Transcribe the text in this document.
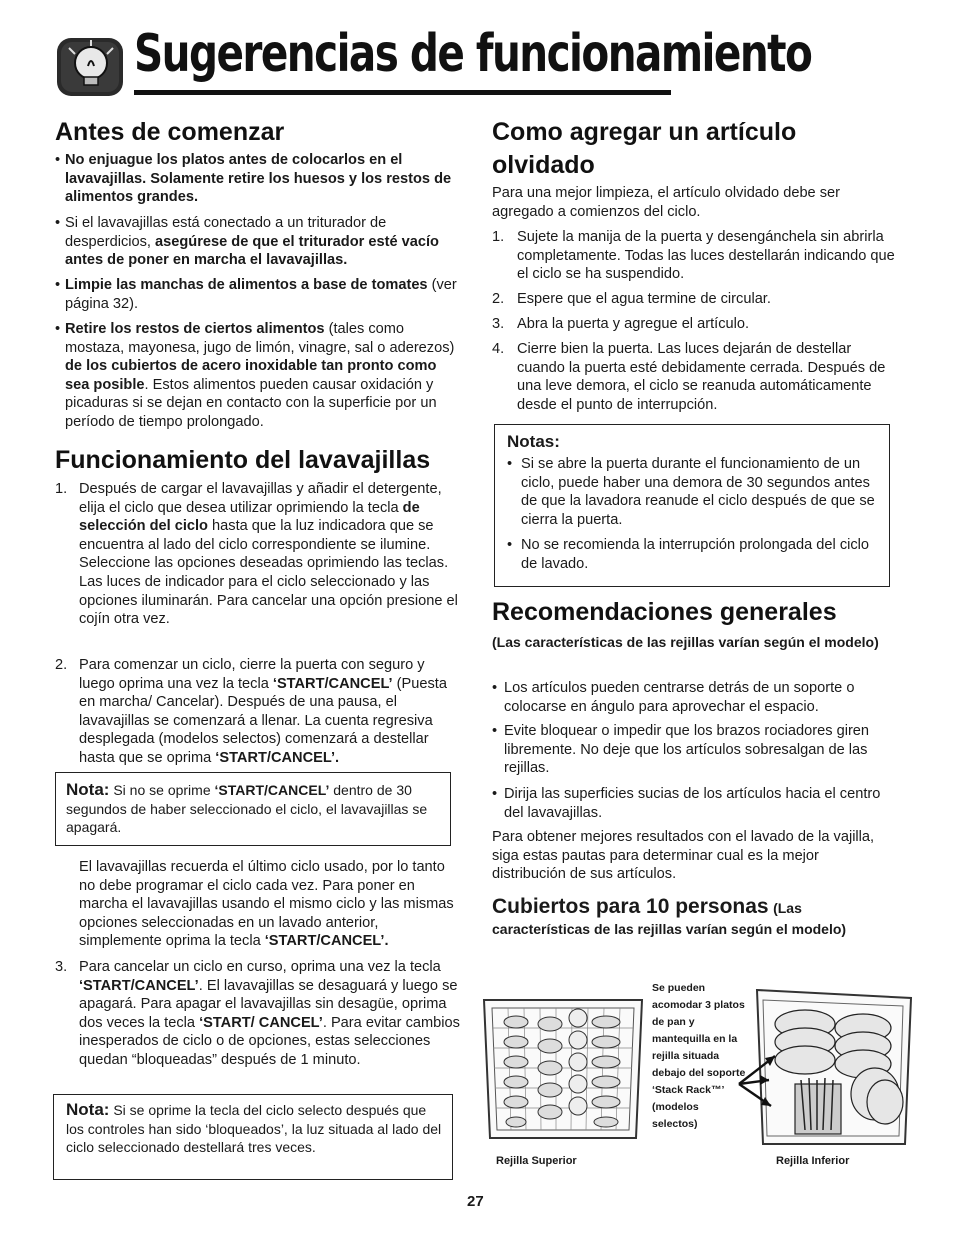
Sugerencias de funcionamiento
Antes de comenzar
• No enjuague los platos antes de colocarlos en el lavavajillas. Solamente retire los huesos y los restos de alimentos grandes.
• Si el lavavajillas está conectado a un triturador de desperdicios, asegúrese de que el triturador esté vacío antes de poner en marcha el lavavajillas.
• Limpie las manchas de alimentos a base de tomates (ver página 32).
• Retire los restos de ciertos alimentos (tales como mostaza, mayonesa, jugo de limón, vinagre, sal o aderezos) de los cubiertos de acero inoxidable tan pronto como sea posible. Estos alimentos pueden causar oxidación y picaduras si se dejan en contacto con la superficie por un período de tiempo prolongado.
Funcionamiento del lavavajillas
1. Después de cargar el lavavajillas y añadir el detergente, elija el ciclo que desea utilizar oprimiendo la tecla de selección del ciclo hasta que la luz indicadora que se encuentra al lado del ciclo correspondiente se ilumine. Seleccione las opciones deseadas oprimiendo las teclas. Las luces de indicador para el ciclo seleccionado y las opciones iluminarán. Para cancelar una opción presione el cojín otra vez.
2. Para comenzar un ciclo, cierre la puerta con seguro y luego oprima una vez la tecla ‘START/CANCEL’ (Puesta en marcha/ Cancelar). Después de una pausa, el lavavajillas se comenzará a llenar. La cuenta regresiva desplegada (modelos selectos) comenzará a destellar hasta que se oprima ‘START/CANCEL’.
Nota: Si no se oprime ‘START/CANCEL’ dentro de 30 segundos de haber seleccionado el ciclo, el lavavajillas se apagará.
El lavavajillas recuerda el último ciclo usado, por lo tanto no debe programar el ciclo cada vez. Para poner en marcha el lavavajillas usando el mismo ciclo y las mismas opciones seleccionadas en un lavado anterior, simplemente oprima la tecla ‘START/CANCEL’.
3. Para cancelar un ciclo en curso, oprima una vez la tecla ‘START/CANCEL’. El lavavajillas se desaguará y luego se apagará. Para apagar el lavavajillas sin desagüe, oprima dos veces la tecla ‘START/ CANCEL’. Para evitar cambios inesperados de ciclo o de opciones, estas selecciones quedan “bloqueadas” después de 1 minuto.
Nota: Si se oprime la tecla del ciclo selecto después que los controles han sido ‘bloqueados’, la luz situada al lado del ciclo seleccionado destellará tres veces.
Como agregar un artículo olvidado
Para una mejor limpieza, el artículo olvidado debe ser agregado a comienzos del ciclo.
1. Sujete la manija de la puerta y desengánchela sin abrirla completamente. Todas las luces destellarán indicando que el ciclo se ha suspendido.
2. Espere que el agua termine de circular.
3. Abra la puerta y agregue el artículo.
4. Cierre bien la puerta. Las luces dejarán de destellar cuando la puerta esté debidamente cerrada. Después de una leve demora, el ciclo se reanuda automáticamente desde el punto de interrupción.
Notas:
• Si se abre la puerta durante el funcionamiento de un ciclo, puede haber una demora de 30 segundos antes de que la lavadora reanude el ciclo después de que se cierra la puerta.
• No se recomienda la interrupción prolongada del ciclo de lavado.
Recomendaciones generales
(Las características de las rejillas varían según el modelo)
• Los artículos pueden centrarse detrás de un soporte o colocarse en ángulo para aprovechar el espacio.
• Evite bloquear o impedir que los brazos rociadores giren libremente. No deje que los artículos sobresalgan de las rejillas.
• Dirija las superficies sucias de los artículos hacia el centro del lavavajillas.
Para obtener mejores resultados con el lavado de la vajilla, siga estas pautas para determinar cual es la mejor distribución de sus artículos.
Cubiertos para 10 personas (Las
características de las rejillas varían según el modelo)
Rejilla Superior
Se pueden acomodar 3 platos de pan y mantequilla en la rejilla situada debajo del soporte ‘Stack Rack™’ (modelos selectos)
Rejilla Inferior
27
